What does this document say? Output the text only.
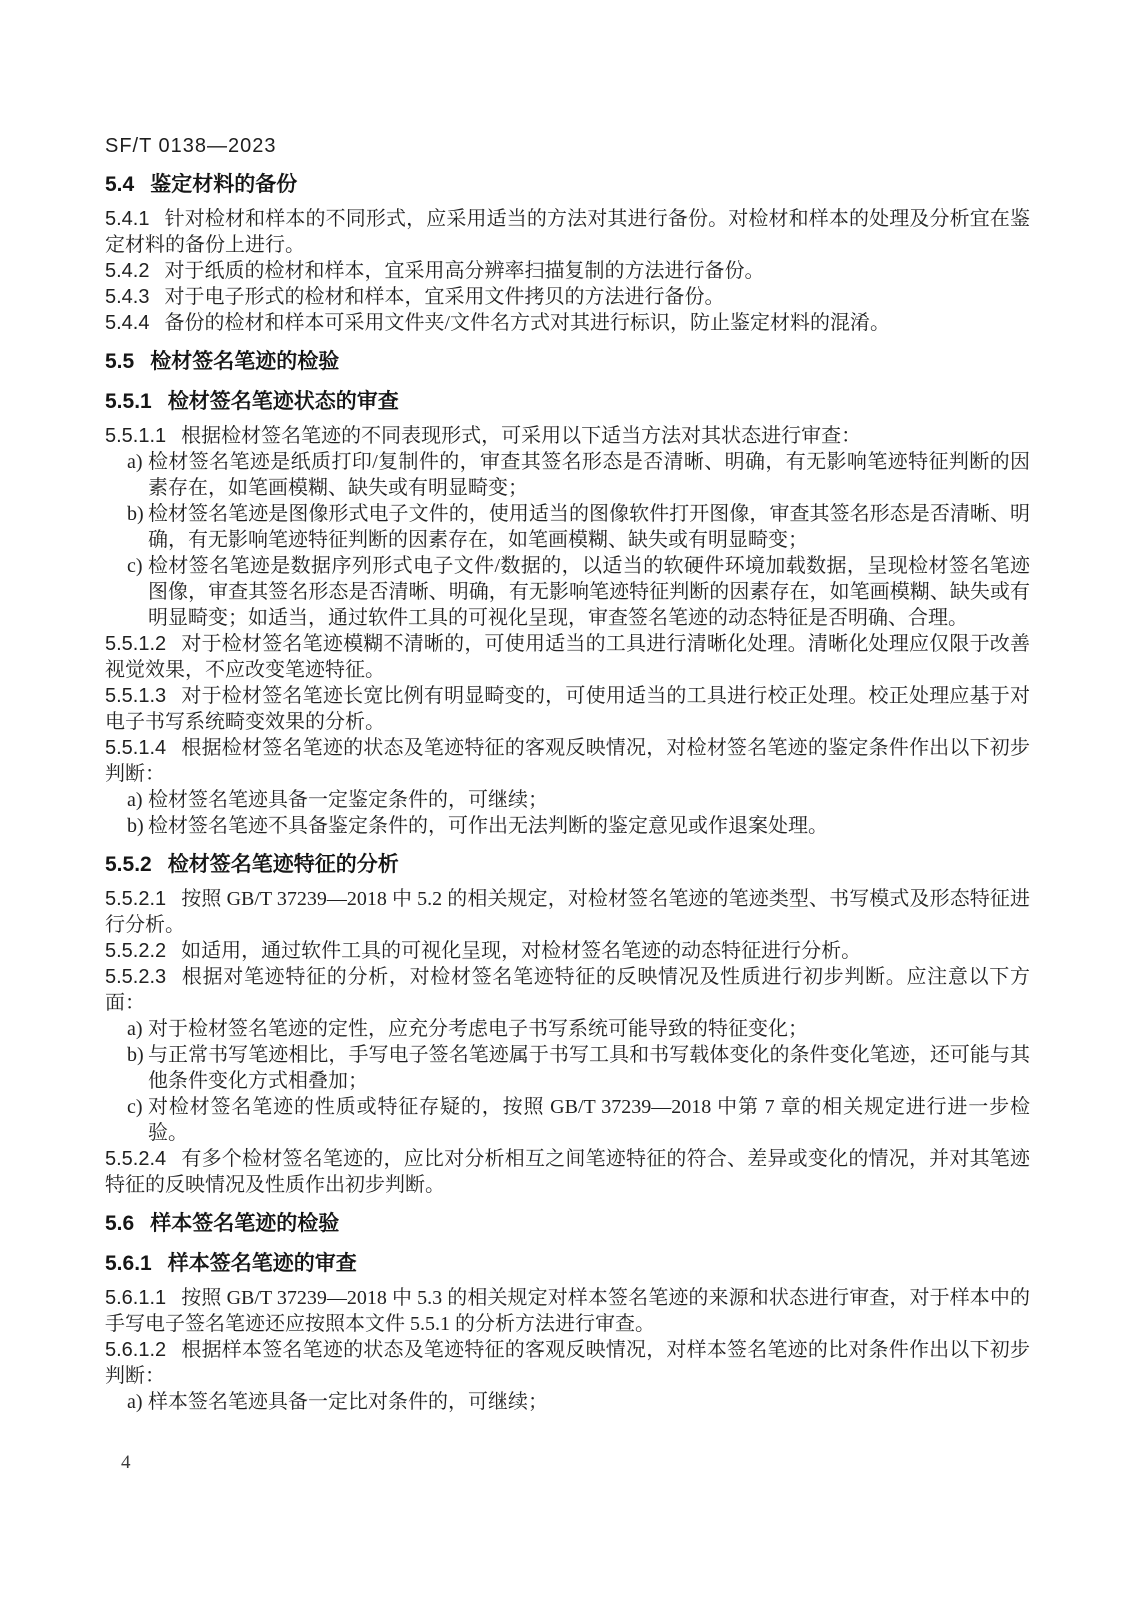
SF/T 0138—2023
5.4 鉴定材料的备份
5.4.1 针对检材和样本的不同形式，应采用适当的方法对其进行备份。对检材和样本的处理及分析宜在鉴定材料的备份上进行。
5.4.2 对于纸质的检材和样本，宜采用高分辨率扫描复制的方法进行备份。
5.4.3 对于电子形式的检材和样本，宜采用文件拷贝的方法进行备份。
5.4.4 备份的检材和样本可采用文件夹/文件名方式对其进行标识，防止鉴定材料的混淆。
5.5 检材签名笔迹的检验
5.5.1 检材签名笔迹状态的审查
5.5.1.1 根据检材签名笔迹的不同表现形式，可采用以下适当方法对其状态进行审查：
a) 检材签名笔迹是纸质打印/复制件的，审查其签名形态是否清晰、明确，有无影响笔迹特征判断的因素存在，如笔画模糊、缺失或有明显畸变；
b) 检材签名笔迹是图像形式电子文件的，使用适当的图像软件打开图像，审查其签名形态是否清晰、明确，有无影响笔迹特征判断的因素存在，如笔画模糊、缺失或有明显畸变；
c) 检材签名笔迹是数据序列形式电子文件/数据的，以适当的软硬件环境加载数据，呈现检材签名笔迹图像，审查其签名形态是否清晰、明确，有无影响笔迹特征判断的因素存在，如笔画模糊、缺失或有明显畸变；如适当，通过软件工具的可视化呈现，审查签名笔迹的动态特征是否明确、合理。
5.5.1.2 对于检材签名笔迹模糊不清晰的，可使用适当的工具进行清晰化处理。清晰化处理应仅限于改善视觉效果，不应改变笔迹特征。
5.5.1.3 对于检材签名笔迹长宽比例有明显畸变的，可使用适当的工具进行校正处理。校正处理应基于对电子书写系统畸变效果的分析。
5.5.1.4 根据检材签名笔迹的状态及笔迹特征的客观反映情况，对检材签名笔迹的鉴定条件作出以下初步判断：
a) 检材签名笔迹具备一定鉴定条件的，可继续；
b) 检材签名笔迹不具备鉴定条件的，可作出无法判断的鉴定意见或作退案处理。
5.5.2 检材签名笔迹特征的分析
5.5.2.1 按照 GB/T 37239—2018 中 5.2 的相关规定，对检材签名笔迹的笔迹类型、书写模式及形态特征进行分析。
5.5.2.2 如适用，通过软件工具的可视化呈现，对检材签名笔迹的动态特征进行分析。
5.5.2.3 根据对笔迹特征的分析，对检材签名笔迹特征的反映情况及性质进行初步判断。应注意以下方面：
a) 对于检材签名笔迹的定性，应充分考虑电子书写系统可能导致的特征变化；
b) 与正常书写笔迹相比，手写电子签名笔迹属于书写工具和书写载体变化的条件变化笔迹，还可能与其他条件变化方式相叠加；
c) 对检材签名笔迹的性质或特征存疑的，按照 GB/T 37239—2018 中第 7 章的相关规定进行进一步检验。
5.5.2.4 有多个检材签名笔迹的，应比对分析相互之间笔迹特征的符合、差异或变化的情况，并对其笔迹特征的反映情况及性质作出初步判断。
5.6 样本签名笔迹的检验
5.6.1 样本签名笔迹的审查
5.6.1.1 按照 GB/T 37239—2018 中 5.3 的相关规定对样本签名笔迹的来源和状态进行审查，对于样本中的手写电子签名笔迹还应按照本文件 5.5.1 的分析方法进行审查。
5.6.1.2 根据样本签名笔迹的状态及笔迹特征的客观反映情况，对样本签名笔迹的比对条件作出以下初步判断：
a) 样本签名笔迹具备一定比对条件的，可继续；
4
